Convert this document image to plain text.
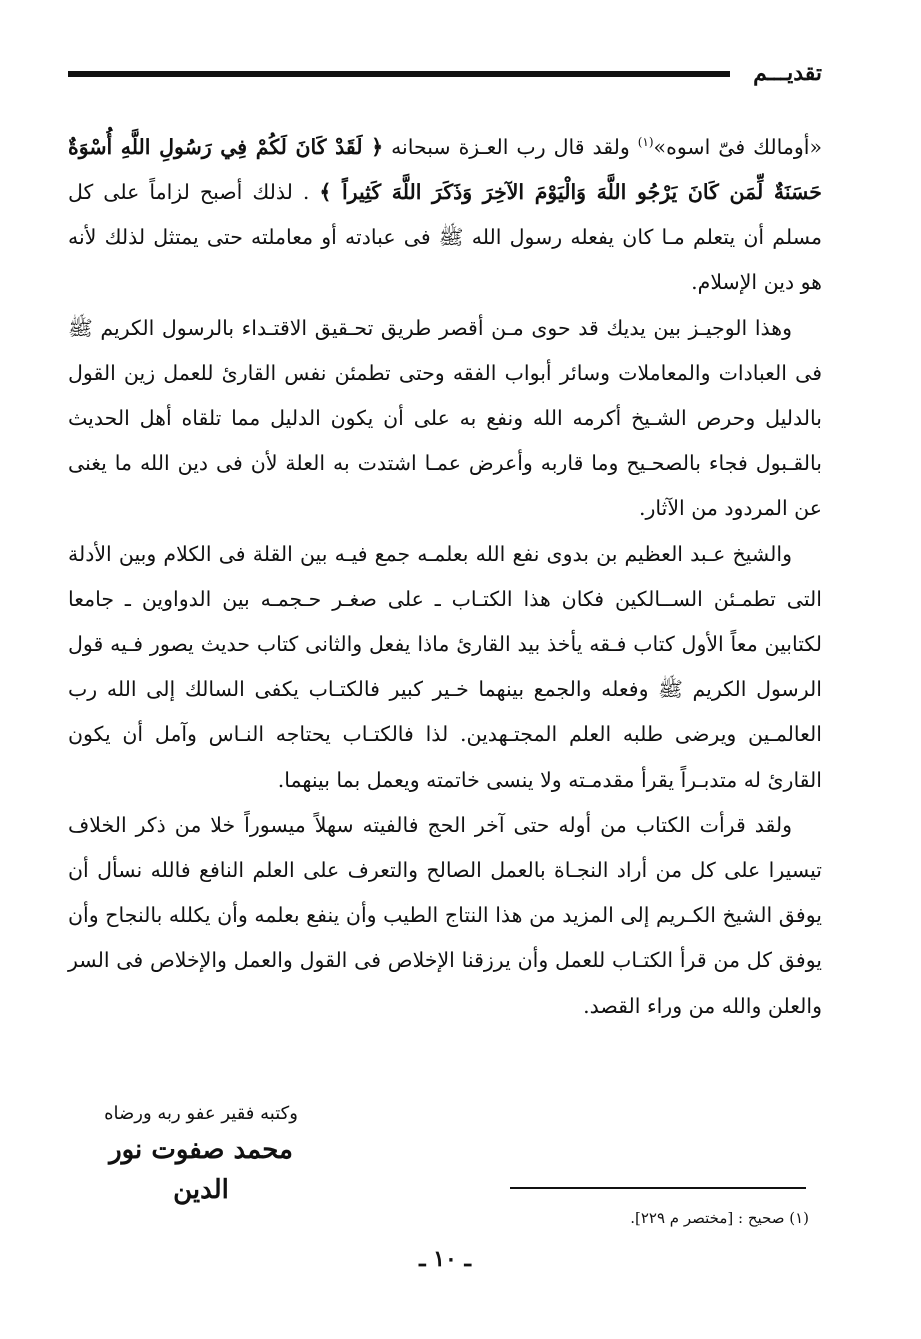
تقديـــم

«أومالك فىّ اسوه»$^{(١)}$ ولقد قال رب العـزة سبحانه ﴿ لَقَدْ كَانَ لَكُمْ فِي رَسُولِ اللَّهِ أُسْوَةٌ حَسَنَةٌ لِّمَن كَانَ يَرْجُو اللَّهَ وَالْيَوْمَ الآخِرَ وَذَكَرَ اللَّهَ كَثِيراً ﴾ . لذلك أصبح لزاماً على كل مسلم أن يتعلم مـا كان يفعله رسول الله ﷺ فى عبادته أو معاملته حتى يمتثل لذلك لأنه هو دين الإسلام.

وهذا الوجيـز بين يديك قد حوى مـن أقصر طريق تحـقيق الاقتـداء بالرسول الكريم ﷺ فى العبادات والمعاملات وسائر أبواب الفقه وحتى تطمئن نفس القارئ للعمل زين القول بالدليل وحرص الشـيخ أكرمه الله ونفع به على أن يكون الدليل مما تلقاه أهل الحديث بالقـبول فجاء بالصحـيح وما قاربه وأعرض عمـا اشتدت به العلة لأن فى دين الله ما يغنى عن المردود من الآثار.

والشيخ عـبد العظيم بن بدوى نفع الله بعلمـه جمع فيـه بين القلة فى الكلام وبين الأدلة التى تطمـئن الســالكين فكان هذا الكتـاب ـ على صغـر حـجمـه بين الدواوين ـ جامعا لكتابين معاً الأول كتاب فـقه يأخذ بيد القارئ ماذا يفعل والثانى كتاب حديث يصور فـيه قول الرسول الكريم ﷺ وفعله والجمع بينهما خـير كبير فالكتـاب يكفى السالك إلى الله رب العالمـين ويرضى طلبه العلم المجتـهدين. لذا فالكتـاب يحتاجه النـاس وآمل أن يكون القارئ له متدبـراً يقرأ مقدمـته ولا ينسى خاتمته ويعمل بما بينهما.

ولقد قرأت الكتاب من أوله حتى آخر الحج فالفيته سهلاً ميسوراً خلا من ذكر الخلاف تيسيرا على كل من أراد النجـاة بالعمل الصالح والتعرف على العلم النافع فالله نسأل أن يوفق الشيخ الكـريم إلى المزيد من هذا النتاج الطيب وأن ينفع بعلمه وأن يكلله بالنجاح وأن يوفق كل من قرأ الكتـاب للعمل وأن يرزقنا الإخلاص فى القول والعمل والإخلاص فى السر والعلن والله من وراء القصد.

وكتبه فقير عفو ربه ورضاه
محمد صفوت نور الدين
(١) صحيح : [مختصر م ٢٢٩].
ـ ١٠ ـ
